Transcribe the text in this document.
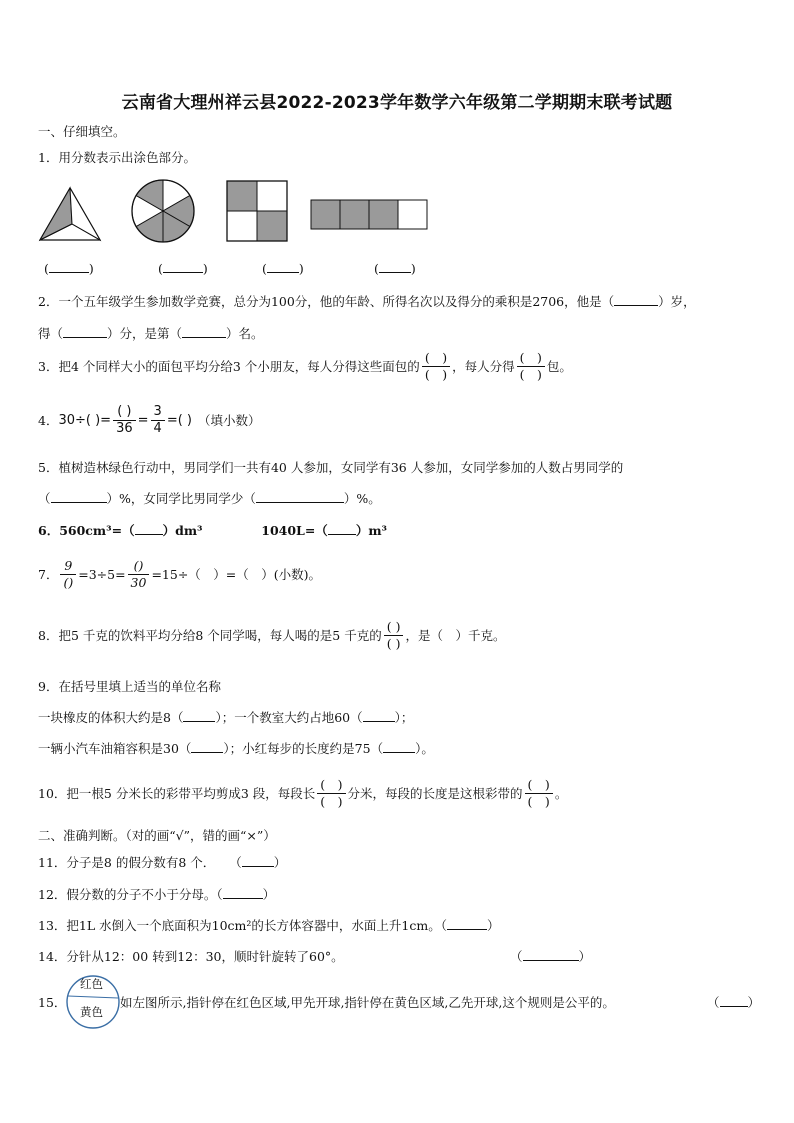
云南省大理州祥云县2022-2023学年数学六年级第二学期期末联考试题
一、仔细填空。
1．用分数表示出涂色部分。
(	)	(	)	(	)	(	)
2．一个五年级学生参加数学竞赛，总分为100分，他的年龄、所得名次以及得分的乘积是2706，他是（	）岁，
得（	）分，是第（	）名。
3．把4 个同样大小的面包平均分给3 个小朋友，每人分得这些面包的 $\frac{( )}{( )}$ ，每人分得 $\frac{( )}{( )}$ 包。
4． 30÷ ( ) = $\frac{( )}{36} = \frac{3}{4}$ = ( ) （填小数）
5．植树造林绿色行动中，男同学们一共有40 人参加，女同学有36 人参加，女同学参加的人数占男同学的
（	）%，女同学比男同学少（	）%。
6．560cm³=（ ）dm³	1040L=（ ）m³
7． $\frac{9}{()} =3\div 5= \frac{()}{30} =15\div$（　）=（　）(小数)。
8．把5 千克的饮料平均分给8 个同学喝，每人喝的是5 千克的 $\frac{( )}{( )}$ ，是（　）千克。
9．在括号里填上适当的单位名称
一块橡皮的体积大约是8（	）；一个教室大约占地60（	）；
一辆小汽车油箱容积是30（	）；小红每步的长度约是75（	）。
10．把一根5 分米长的彩带平均剪成3 段，每段长 $\frac{( )}{( )}$ 分米，每段的长度是这根彩带的 $\frac{( )}{( )}$ 。
二、准确判断。（对的画“√”，错的画“×”）
11．分子是8 的假分数有8 个． （	）
12．假分数的分子不小于分母。（	）
13．把1L 水倒入一个底面积为10cm²的长方体容器中，水面上升1cm。（	）
14．分针从12：00 转到12：30，顺时针旋转了60°。	（	）
15．
红色
黄色
如左图所示,指针停在红色区域,甲先开球,指针停在黄色区域,乙先开球,这个规则是公平的。	（ ）
